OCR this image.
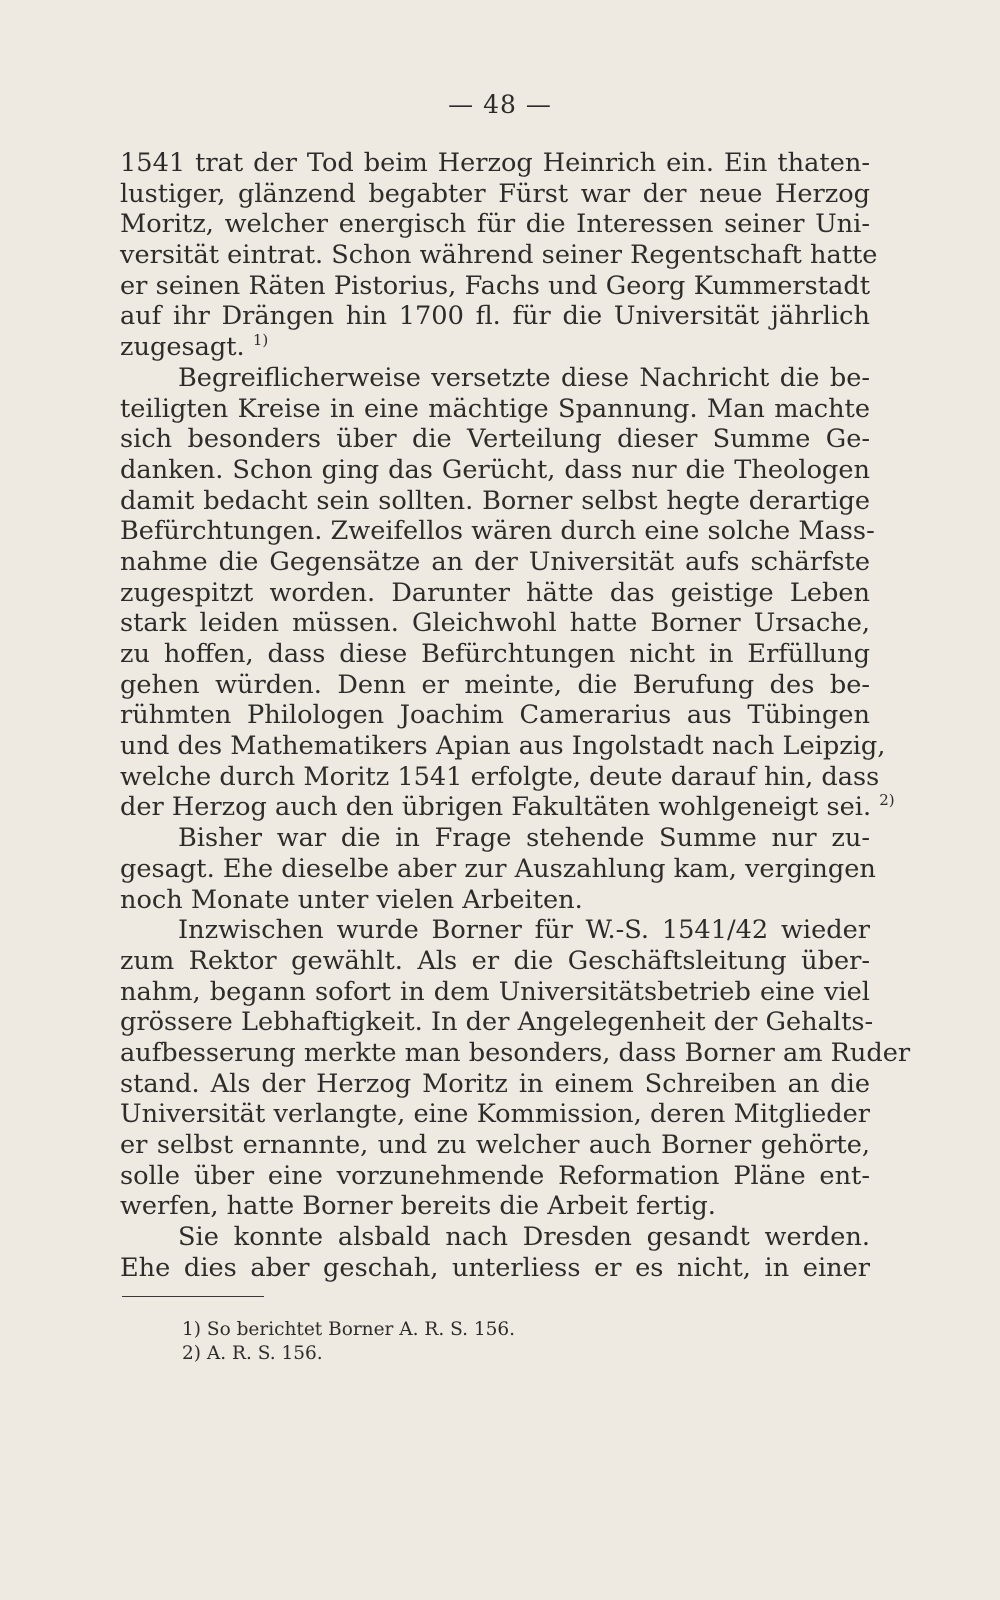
— 48 —
1541 trat der Tod beim Herzog Heinrich ein. Ein thaten-
lustiger, glänzend begabter Fürst war der neue Herzog
Moritz, welcher energisch für die Interessen seiner Uni-
versität eintrat. Schon während seiner Regentschaft hatte
er seinen Räten Pistorius, Fachs und Georg Kummerstadt
auf ihr Drängen hin 1700 fl. für die Universität jährlich
zugesagt. $^{1)}$
Begreiflicherweise versetzte diese Nachricht die be-
teiligten Kreise in eine mächtige Spannung. Man machte
sich besonders über die Verteilung dieser Summe Ge-
danken. Schon ging das Gerücht, dass nur die Theologen
damit bedacht sein sollten. Borner selbst hegte derartige
Befürchtungen. Zweifellos wären durch eine solche Mass-
nahme die Gegensätze an der Universität aufs schärfste
zugespitzt worden. Darunter hätte das geistige Leben
stark leiden müssen. Gleichwohl hatte Borner Ursache,
zu hoffen, dass diese Befürchtungen nicht in Erfüllung
gehen würden. Denn er meinte, die Berufung des be-
rühmten Philologen Joachim Camerarius aus Tübingen
und des Mathematikers Apian aus Ingolstadt nach Leipzig,
welche durch Moritz 1541 erfolgte, deute darauf hin, dass
der Herzog auch den übrigen Fakultäten wohlgeneigt sei. $^{2)}$
Bisher war die in Frage stehende Summe nur zu-
gesagt. Ehe dieselbe aber zur Auszahlung kam, vergingen
noch Monate unter vielen Arbeiten.
Inzwischen wurde Borner für W.-S. 1541/42 wieder
zum Rektor gewählt. Als er die Geschäftsleitung über-
nahm, begann sofort in dem Universitätsbetrieb eine viel
grössere Lebhaftigkeit. In der Angelegenheit der Gehalts-
aufbesserung merkte man besonders, dass Borner am Ruder
stand. Als der Herzog Moritz in einem Schreiben an die
Universität verlangte, eine Kommission, deren Mitglieder
er selbst ernannte, und zu welcher auch Borner gehörte,
solle über eine vorzunehmende Reformation Pläne ent-
werfen, hatte Borner bereits die Arbeit fertig.
Sie konnte alsbald nach Dresden gesandt werden.
Ehe dies aber geschah, unterliess er es nicht, in einer
1) So berichtet Borner A. R. S. 156.
2) A. R. S. 156.
